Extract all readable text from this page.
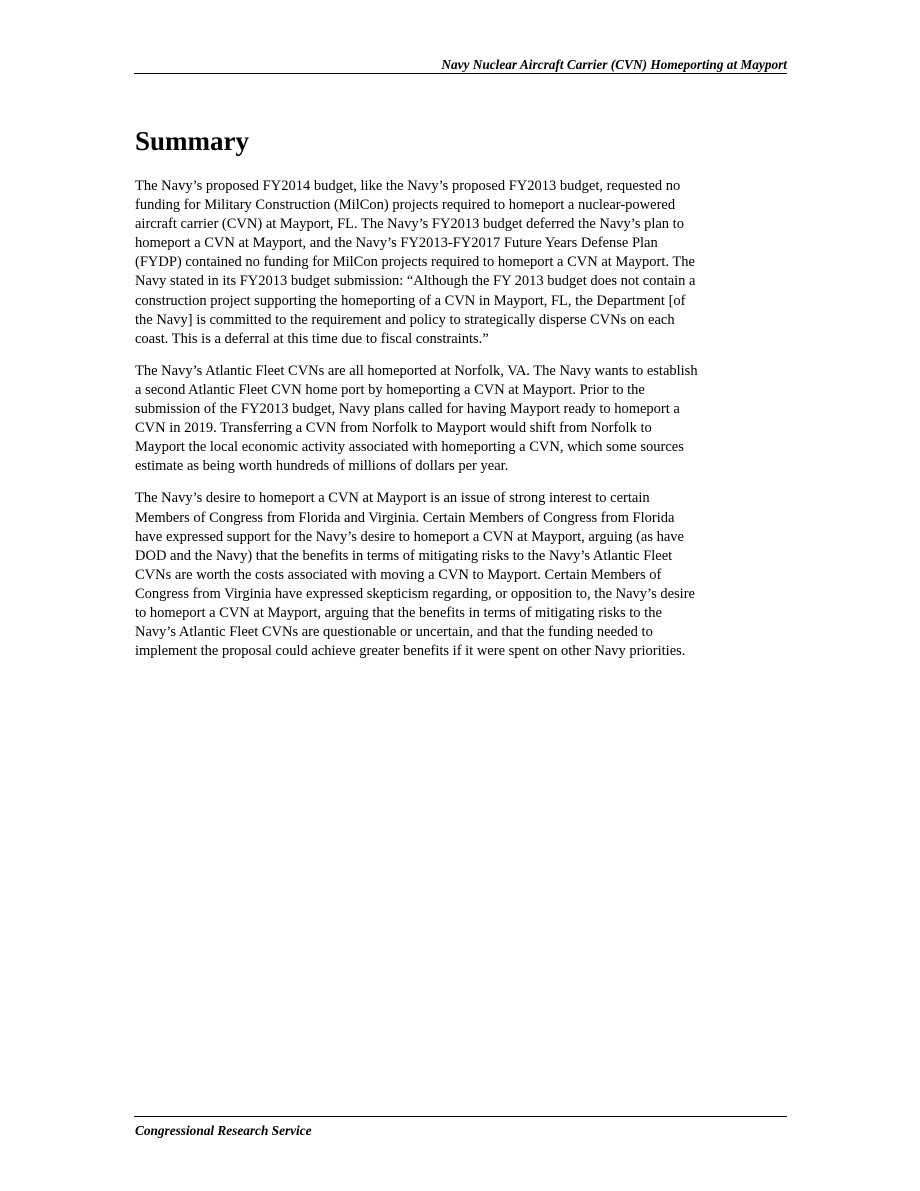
Navy Nuclear Aircraft Carrier (CVN) Homeporting at Mayport
Summary

The Navy’s proposed FY2014 budget, like the Navy’s proposed FY2013 budget, requested no
funding for Military Construction (MilCon) projects required to homeport a nuclear-powered
aircraft carrier (CVN) at Mayport, FL. The Navy’s FY2013 budget deferred the Navy’s plan to
homeport a CVN at Mayport, and the Navy’s FY2013-FY2017 Future Years Defense Plan
(FYDP) contained no funding for MilCon projects required to homeport a CVN at Mayport. The
Navy stated in its FY2013 budget submission: “Although the FY 2013 budget does not contain a
construction project supporting the homeporting of a CVN in Mayport, FL, the Department [of
the Navy] is committed to the requirement and policy to strategically disperse CVNs on each
coast. This is a deferral at this time due to fiscal constraints.”

The Navy’s Atlantic Fleet CVNs are all homeported at Norfolk, VA. The Navy wants to establish
a second Atlantic Fleet CVN home port by homeporting a CVN at Mayport. Prior to the
submission of the FY2013 budget, Navy plans called for having Mayport ready to homeport a
CVN in 2019. Transferring a CVN from Norfolk to Mayport would shift from Norfolk to
Mayport the local economic activity associated with homeporting a CVN, which some sources
estimate as being worth hundreds of millions of dollars per year.

The Navy’s desire to homeport a CVN at Mayport is an issue of strong interest to certain
Members of Congress from Florida and Virginia. Certain Members of Congress from Florida
have expressed support for the Navy’s desire to homeport a CVN at Mayport, arguing (as have
DOD and the Navy) that the benefits in terms of mitigating risks to the Navy’s Atlantic Fleet
CVNs are worth the costs associated with moving a CVN to Mayport. Certain Members of
Congress from Virginia have expressed skepticism regarding, or opposition to, the Navy’s desire
to homeport a CVN at Mayport, arguing that the benefits in terms of mitigating risks to the
Navy’s Atlantic Fleet CVNs are questionable or uncertain, and that the funding needed to
implement the proposal could achieve greater benefits if it were spent on other Navy priorities.

Congressional Research Service
